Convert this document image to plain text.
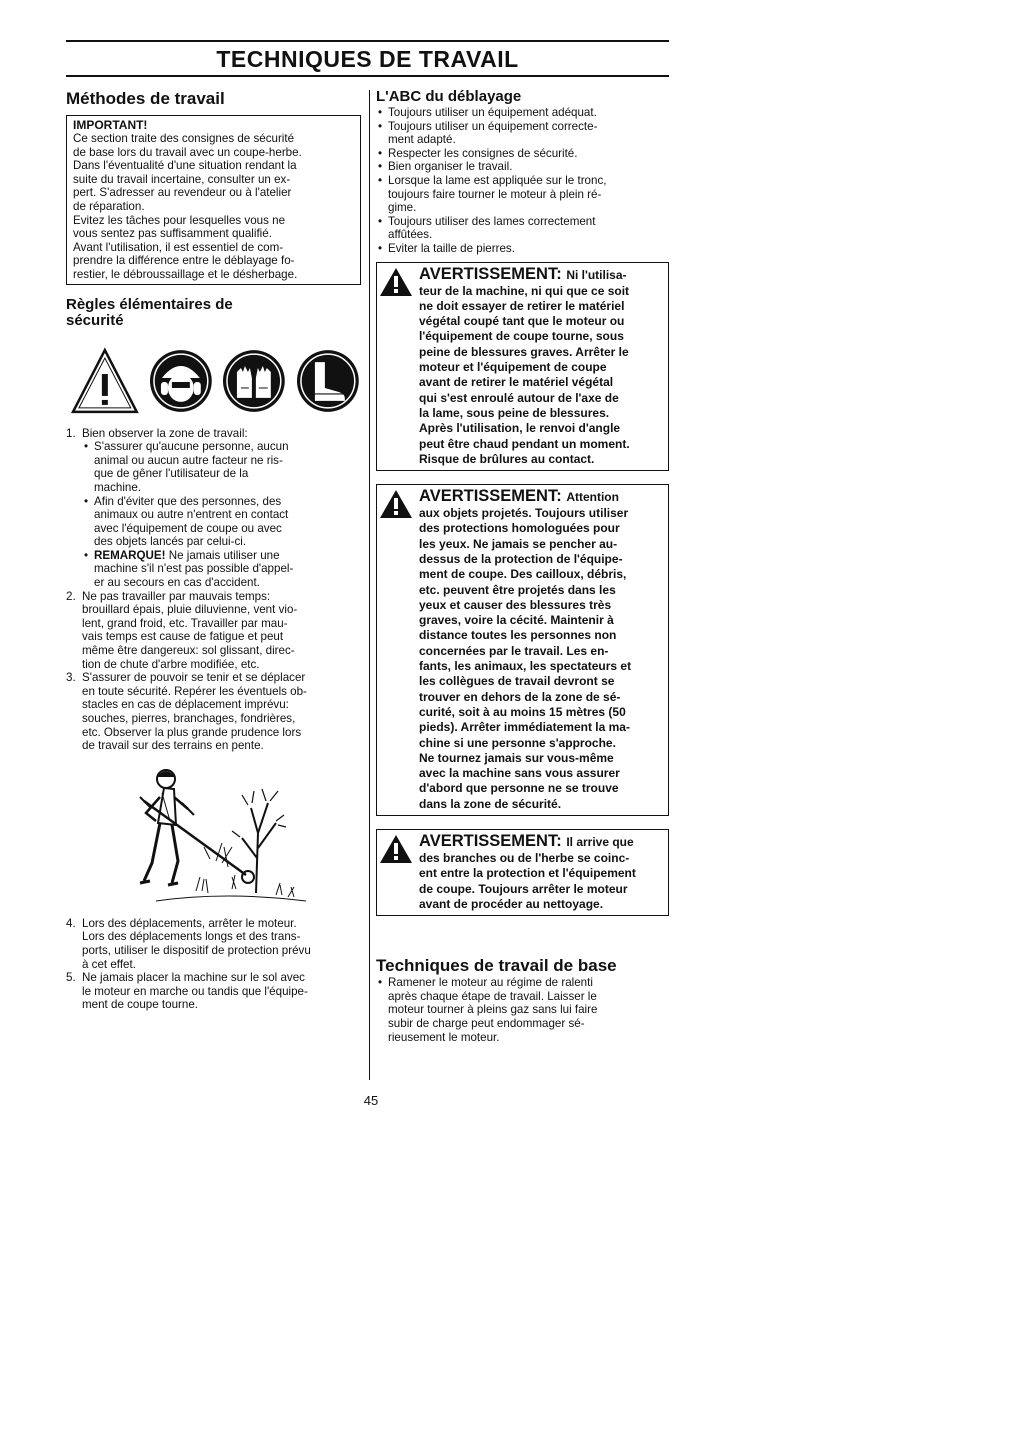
TECHNIQUES DE TRAVAIL
Méthodes de travail
IMPORTANT!
Ce section traite des consignes de sécurité
de base lors du travail avec un coupe-herbe.
Dans l'éventualité d'une situation rendant la
suite du travail incertaine, consulter un ex-
pert. S'adresser au revendeur ou à l'atelier
de réparation.
Evitez les tâches pour lesquelles vous ne
vous sentez pas suffisamment qualifié.
Avant l'utilisation, il est essentiel de com-
prendre la différence entre le déblayage fo-
restier, le débroussaillage et le désherbage.
Règles élémentaires de
sécurité
1. Bien observer la zone de travail:
• S'assurer qu'aucune personne, aucun
animal ou aucun autre facteur ne ris-
que de gêner l'utilisateur de la
machine.
• Afin d'éviter que des personnes, des
animaux ou autre n'entrent en contact
avec l'équipement de coupe ou avec
des objets lancés par celui-ci.
• REMARQUE! Ne jamais utiliser une
machine s'il n'est pas possible d'appel-
er au secours en cas d'accident.
2. Ne pas travailler par mauvais temps:
brouillard épais, pluie diluvienne, vent vio-
lent, grand froid, etc. Travailler par mau-
vais temps est cause de fatigue et peut
même être dangereux: sol glissant, direc-
tion de chute d'arbre modifiée, etc.
3. S'assurer de pouvoir se tenir et se déplacer
en toute sécurité. Repérer les éventuels ob-
stacles en cas de déplacement imprévu:
souches, pierres, branchages, fondrières,
etc. Observer la plus grande prudence lors
de travail sur des terrains en pente.
4. Lors des déplacements, arrêter le moteur.
Lors des déplacements longs et des trans-
ports, utiliser le dispositif de protection prévu
à cet effet.
5. Ne jamais placer la machine sur le sol avec
le moteur en marche ou tandis que l'équipe-
ment de coupe tourne.
L'ABC du déblayage
• Toujours utiliser un équipement adéquat.
• Toujours utiliser un équipement correcte-
ment adapté.
• Respecter les consignes de sécurité.
• Bien organiser le travail.
• Lorsque la lame est appliquée sur le tronc,
toujours faire tourner le moteur à plein ré-
gime.
• Toujours utiliser des lames correctement
affûtées.
• Eviter la taille de pierres.
AVERTISSEMENT: Ni l'utilisa-
teur de la machine, ni qui que ce soit
ne doit essayer de retirer le matériel
végétal coupé tant que le moteur ou
l'équipement de coupe tourne, sous
peine de blessures graves. Arrêter le
moteur et l'équipement de coupe
avant de retirer le matériel végétal
qui s'est enroulé autour de l'axe de
la lame, sous peine de blessures.
Après l'utilisation, le renvoi d'angle
peut être chaud pendant un moment.
Risque de brûlures au contact.
AVERTISSEMENT: Attention
aux objets projetés. Toujours utiliser
des protections homologuées pour
les yeux. Ne jamais se pencher au-
dessus de la protection de l'équipe-
ment de coupe. Des cailloux, débris,
etc. peuvent être projetés dans les
yeux et causer des blessures très
graves, voire la cécité. Maintenir à
distance toutes les personnes non
concernées par le travail. Les en-
fants, les animaux, les spectateurs et
les collègues de travail devront se
trouver en dehors de la zone de sé-
curité, soit à au moins 15 mètres (50
pieds). Arrêter immédiatement la ma-
chine si une personne s'approche.
Ne tournez jamais sur vous-même
avec la machine sans vous assurer
d'abord que personne ne se trouve
dans la zone de sécurité.
AVERTISSEMENT: Il arrive que
des branches ou de l'herbe se coinc-
ent entre la protection et l'équipement
de coupe. Toujours arrêter le moteur
avant de procéder au nettoyage.
Techniques de travail de base
• Ramener le moteur au régime de ralenti
après chaque étape de travail. Laisser le
moteur tourner à pleins gaz sans lui faire
subir de charge peut endommager sé-
rieusement le moteur.
45
